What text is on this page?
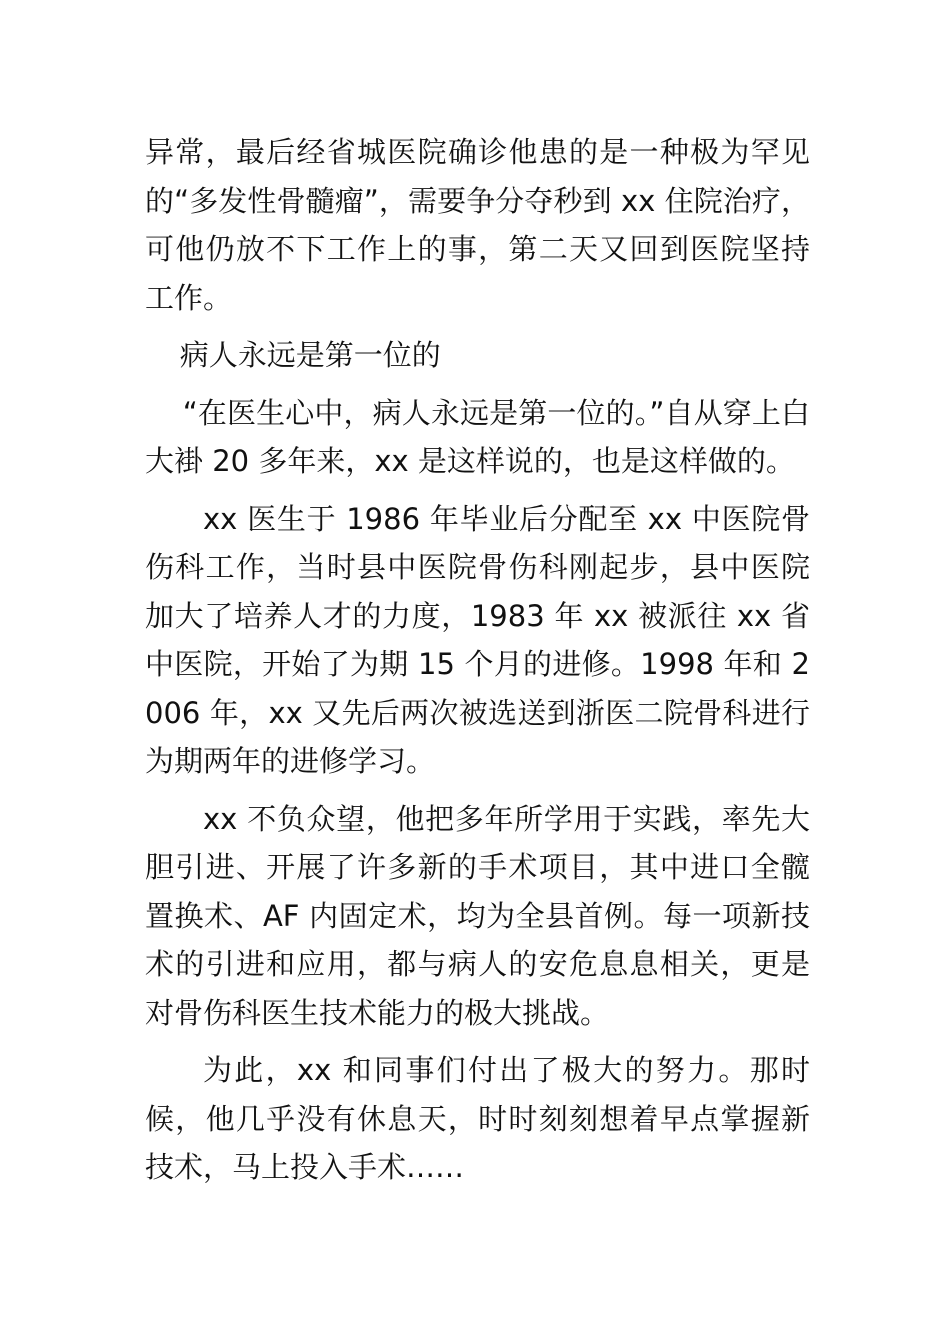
异常，最后经省城医院确诊他患的是一种极为罕见的“多发性骨髓瘤”，需要争分夺秒到 xx 住院治疗，可他仍放不下工作上的事，第二天又回到医院坚持工作。

病人永远是第一位的

“在医生心中，病人永远是第一位的。”自从穿上白大褂 20 多年来，xx 是这样说的，也是这样做的。

xx 医生于 1986 年毕业后分配至 xx 中医院骨伤科工作，当时县中医院骨伤科刚起步，县中医院加大了培养人才的力度，1983 年 xx 被派往 xx 省中医院，开始了为期 15 个月的进修。1998 年和 2006 年，xx 又先后两次被选送到浙医二院骨科进行为期两年的进修学习。

xx 不负众望，他把多年所学用于实践，率先大胆引进、开展了许多新的手术项目，其中进口全髋置换术、AF 内固定术，均为全县首例。每一项新技术的引进和应用，都与病人的安危息息相关，更是对骨伤科医生技术能力的极大挑战。

为此，xx 和同事们付出了极大的努力。那时候，他几乎没有休息天，时时刻刻想着早点掌握新技术，马上投入手术……
